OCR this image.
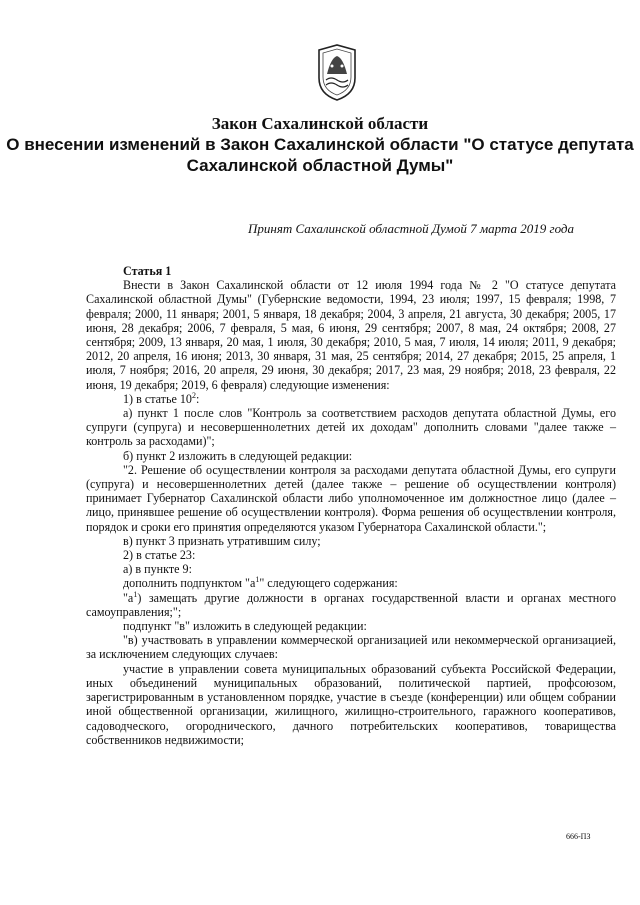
Закон Сахалинской области

О внесении изменений в Закон Сахалинской области "О статусе депутата Сахалинской областной Думы"

Принят Сахалинской областной Думой 7 марта 2019 года

Статья 1

Внести в Закон Сахалинской области от 12 июля 1994 года № 2 "О статусе депутата Сахалинской областной Думы" (Губернские ведомости, 1994, 23 июля; 1997, 15 февраля; 1998, 7 февраля; 2000, 11 января; 2001, 5 января, 18 декабря; 2004, 3 апреля, 21 августа, 30 декабря; 2005, 17 июня, 28 декабря; 2006, 7 февраля, 5 мая, 6 июня, 29 сентября; 2007, 8 мая, 24 октября; 2008, 27 сентября; 2009, 13 января, 20 мая, 1 июля, 30 декабря; 2010, 5 мая, 7 июля, 14 июля; 2011, 9 декабря; 2012, 20 апреля, 16 июня; 2013, 30 января, 31 мая, 25 сентября; 2014, 27 декабря; 2015, 25 апреля, 1 июля, 7 ноября; 2016, 20 апреля, 29 июня, 30 декабря; 2017, 23 мая, 29 ноября; 2018, 23 февраля, 22 июня, 19 декабря; 2019, 6 февраля) следующие изменения:

1) в статье $10^2$:

а) пункт 1 после слов "Контроль за соответствием расходов депутата областной Думы, его супруги (супруга) и несовершеннолетних детей их доходам" дополнить словами "далее также – контроль за расходами)";

б) пункт 2 изложить в следующей редакции:

"2. Решение об осуществлении контроля за расходами депутата областной Думы, его супруги (супруга) и несовершеннолетних детей (далее также – решение об осуществлении контроля) принимает Губернатор Сахалинской области либо уполномоченное им должностное лицо (далее – лицо, принявшее решение об осуществлении контроля). Форма решения об осуществлении контроля, порядок и сроки его принятия определяются указом Губернатора Сахалинской области.";

в) пункт 3 признать утратившим силу;

2) в статье 23:

а) в пункте 9:

дополнить подпунктом "$а^1$" следующего содержания:

"$а^1$) замещать другие должности в органах государственной власти и органах местного самоуправления;";

подпункт "в" изложить в следующей редакции:

"в) участвовать в управлении коммерческой организацией или некоммерческой организацией, за исключением следующих случаев:

участие в управлении совета муниципальных образований субъекта Российской Федерации, иных объединений муниципальных образований, политической партией, профсоюзом, зарегистрированным в установленном порядке, участие в съезде (конференции) или общем собрании иной общественной организации, жилищного, жилищно-строительного, гаражного кооперативов, садоводческого, огороднического, дачного потребительских кооперативов, товарищества собственников недвижимости;

666-ПЗ
